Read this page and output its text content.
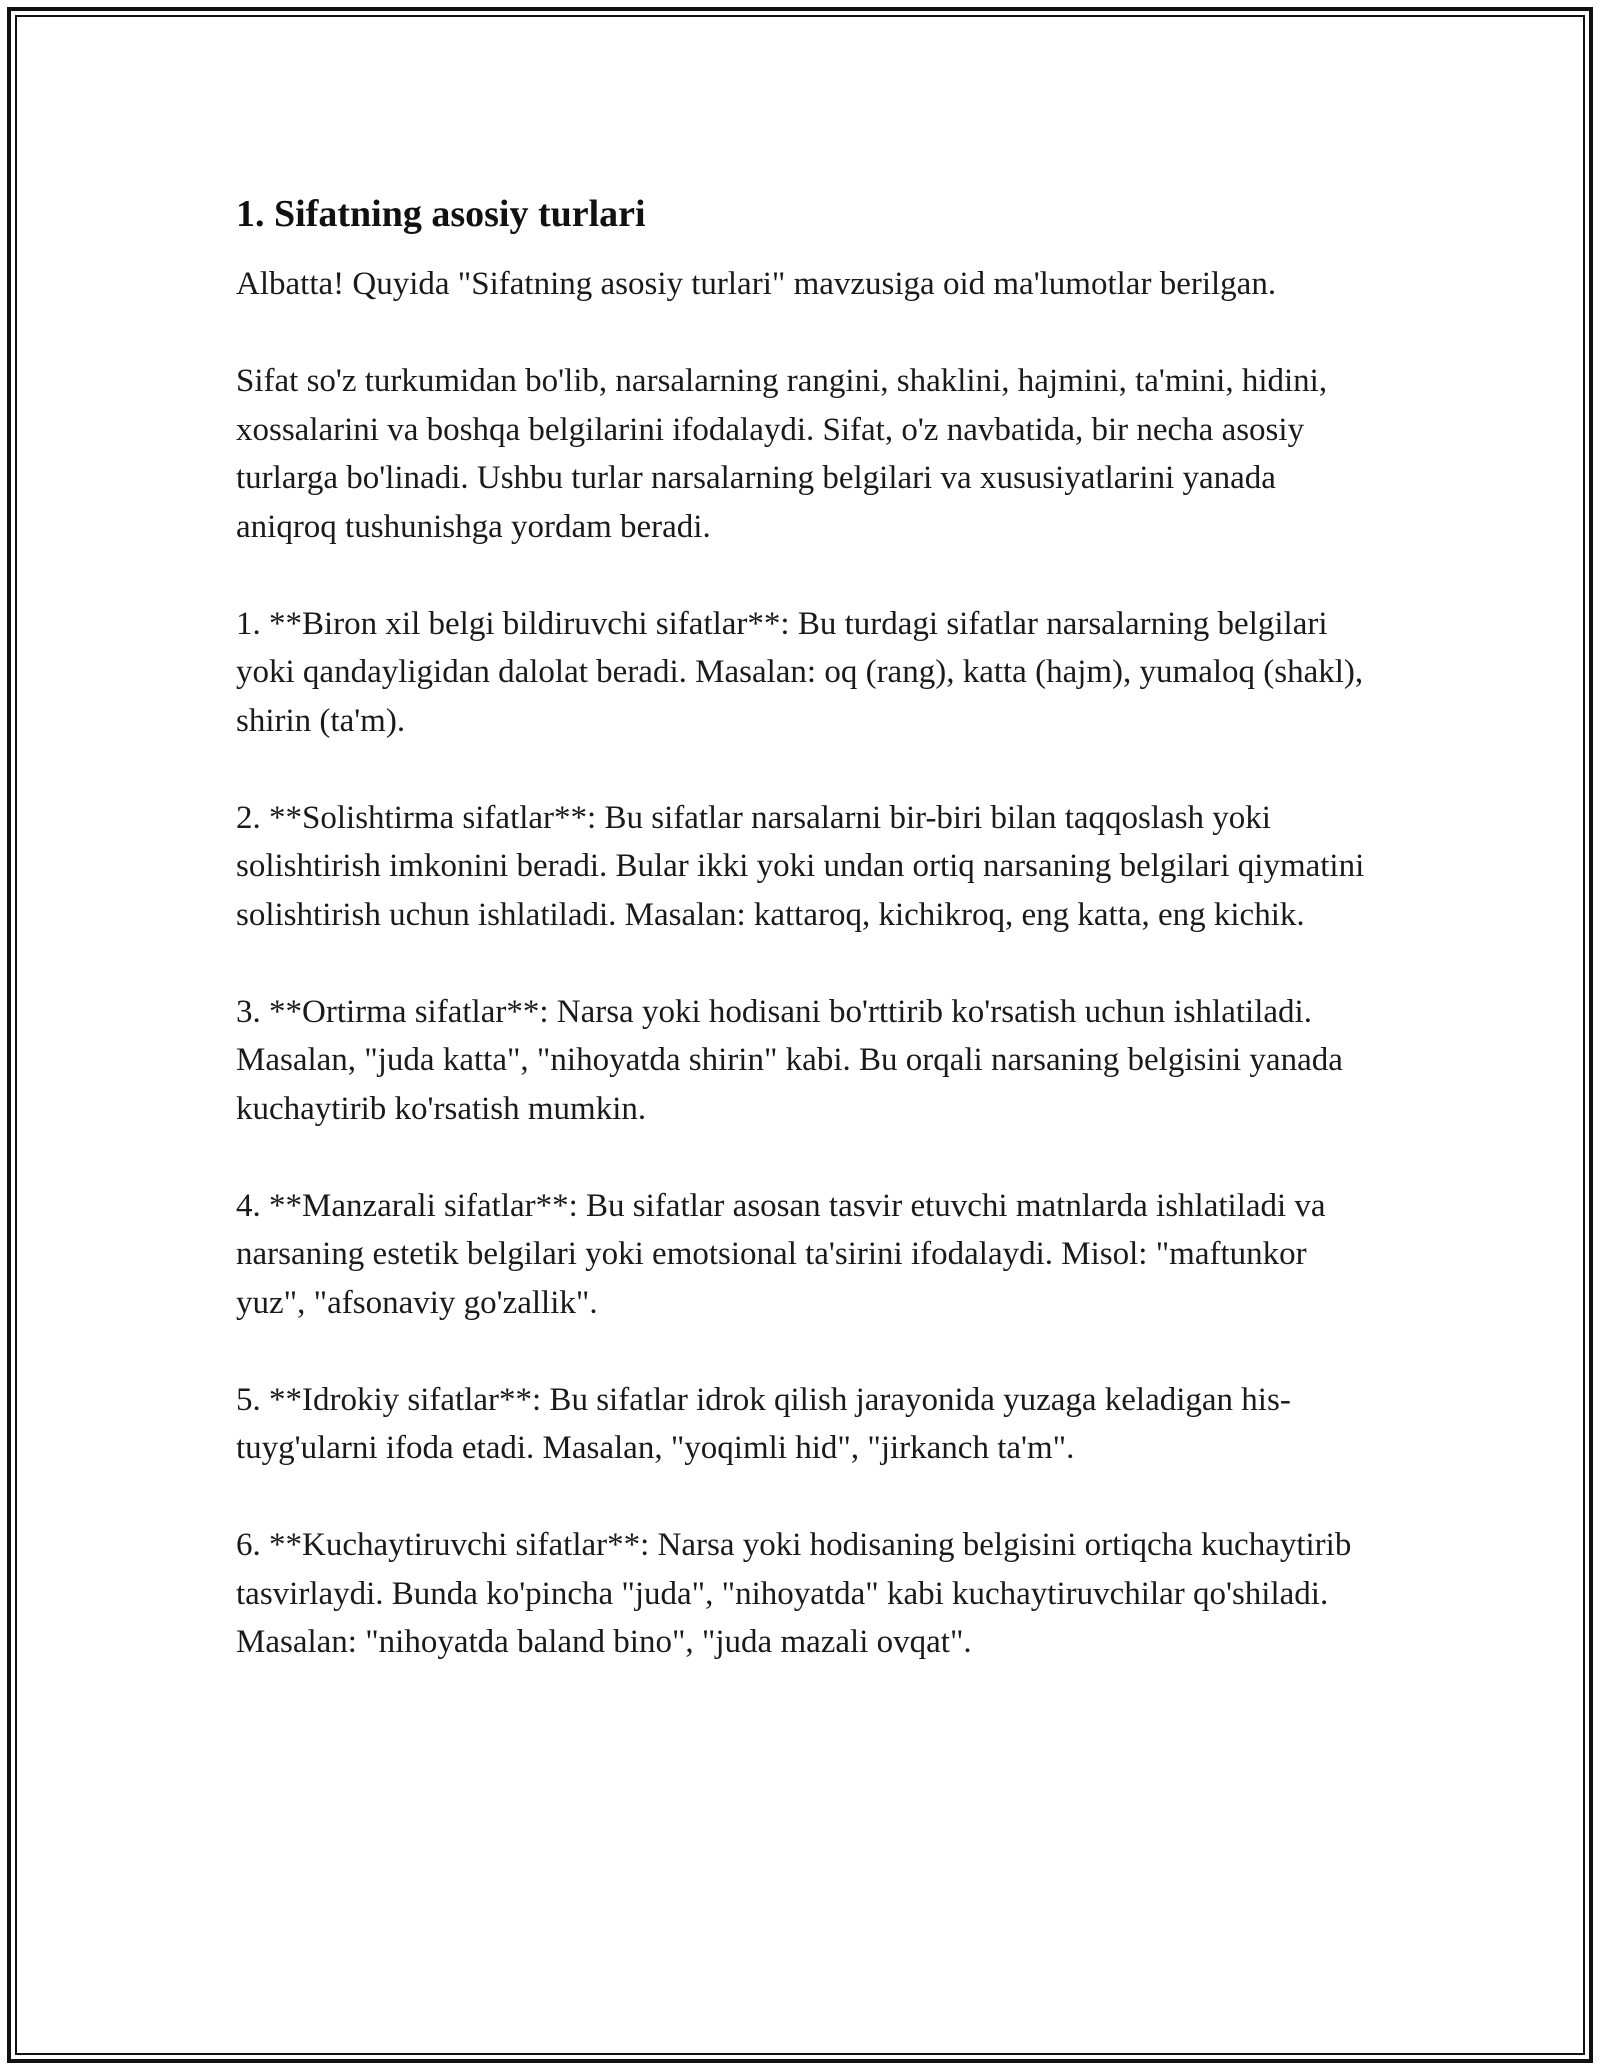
1. Sifatning asosiy turlari

Albatta! Quyida "Sifatning asosiy turlari" mavzusiga oid ma'lumotlar berilgan.

Sifat so'z turkumidan bo'lib, narsalarning rangini, shaklini, hajmini, ta'mini, hidini, xossalarini va boshqa belgilarini ifodalaydi. Sifat, o'z navbatida, bir necha asosiy turlarga bo'linadi. Ushbu turlar narsalarning belgilari va xususiyatlarini yanada aniqroq tushunishga yordam beradi.

1. **Biron xil belgi bildiruvchi sifatlar**: Bu turdagi sifatlar narsalarning belgilari yoki qandayligidan dalolat beradi. Masalan: oq (rang), katta (hajm), yumaloq (shakl), shirin (ta'm).

2. **Solishtirma sifatlar**: Bu sifatlar narsalarni bir-biri bilan taqqoslash yoki solishtirish imkonini beradi. Bular ikki yoki undan ortiq narsaning belgilari qiymatini solishtirish uchun ishlatiladi. Masalan: kattaroq, kichikroq, eng katta, eng kichik.

3. **Ortirma sifatlar**: Narsa yoki hodisani bo'rttirib ko'rsatish uchun ishlatiladi. Masalan, "juda katta", "nihoyatda shirin" kabi. Bu orqali narsaning belgisini yanada kuchaytirib ko'rsatish mumkin.

4. **Manzarali sifatlar**: Bu sifatlar asosan tasvir etuvchi matnlarda ishlatiladi va narsaning estetik belgilari yoki emotsional ta'sirini ifodalaydi. Misol: "maftunkor yuz", "afsonaviy go'zallik".

5. **Idrokiy sifatlar**: Bu sifatlar idrok qilish jarayonida yuzaga keladigan his-tuyg'ularni ifoda etadi. Masalan, "yoqimli hid", "jirkanch ta'm".

6. **Kuchaytiruvchi sifatlar**: Narsa yoki hodisaning belgisini ortiqcha kuchaytirib tasvirlaydi. Bunda ko'pincha "juda", "nihoyatda" kabi kuchaytiruvchilar qo'shiladi. Masalan: "nihoyatda baland bino", "juda mazali ovqat".
